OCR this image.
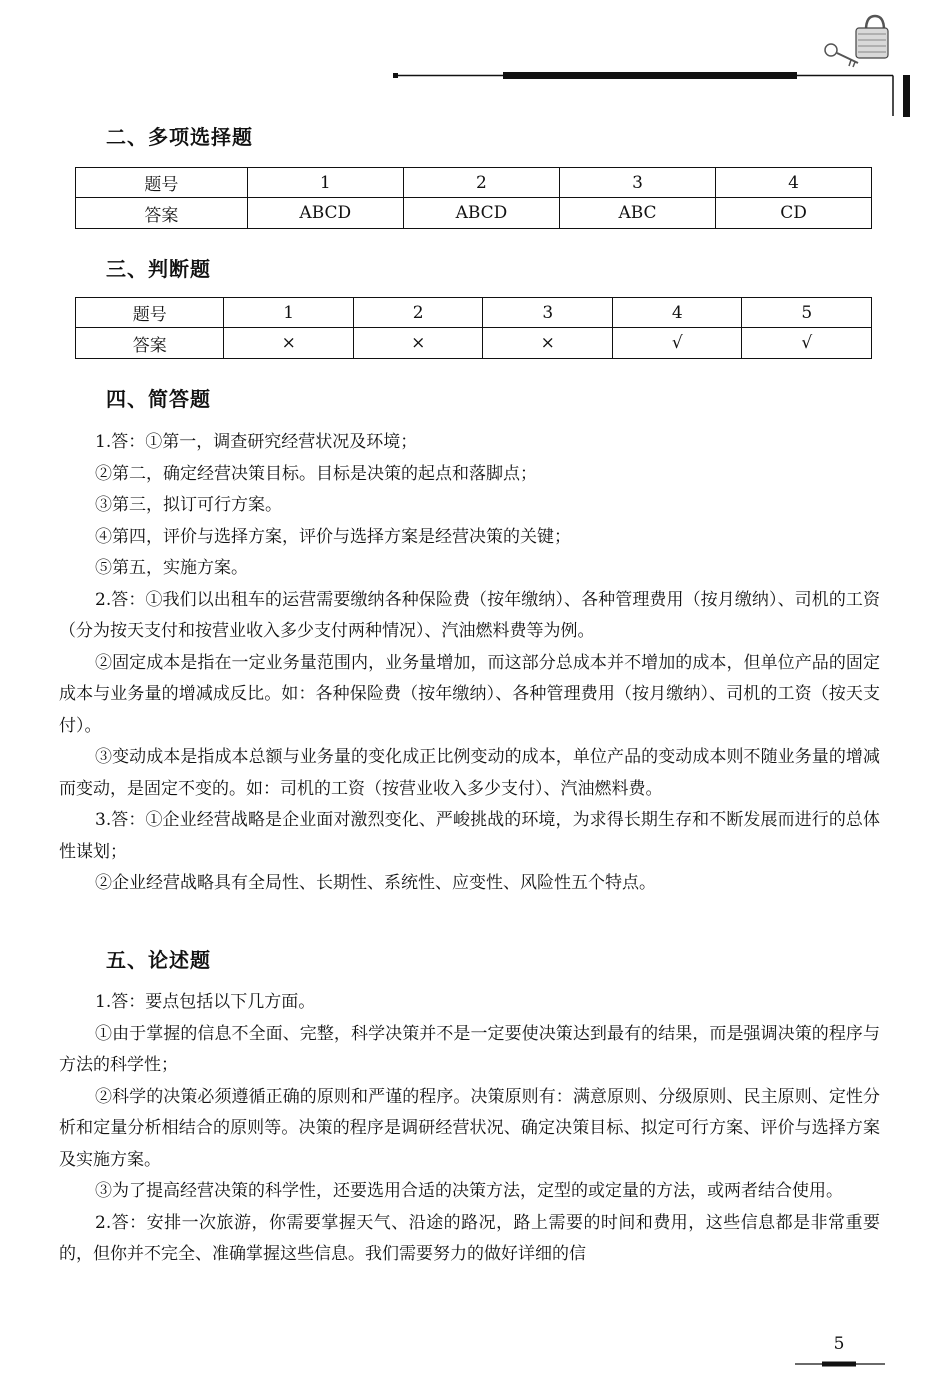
二、多项选择题
题号	1	2	3	4
答案	ABCD	ABCD	ABC	CD
三、判断题
题号	1	2	3	4	5
答案	×	×	×	√	√
四、简答题

1.答：①第一，调查研究经营状况及环境；

②第二，确定经营决策目标。目标是决策的起点和落脚点；

③第三，拟订可行方案。

④第四，评价与选择方案，评价与选择方案是经营决策的关键；

⑤第五，实施方案。

2.答：①我们以出租车的运营需要缴纳各种保险费（按年缴纳）、各种管理费用（按月缴纳）、司机的工资（分为按天支付和按营业收入多少支付两种情况）、汽油燃料费等为例。

②固定成本是指在一定业务量范围内，业务量增加，而这部分总成本并不增加的成本，但单位产品的固定成本与业务量的增减成反比。如：各种保险费（按年缴纳）、各种管理费用（按月缴纳）、司机的工资（按天支付）。

③变动成本是指成本总额与业务量的变化成正比例变动的成本，单位产品的变动成本则不随业务量的增减而变动，是固定不变的。如：司机的工资（按营业收入多少支付）、汽油燃料费。

3.答：①企业经营战略是企业面对激烈变化、严峻挑战的环境，为求得长期生存和不断发展而进行的总体性谋划；

②企业经营战略具有全局性、长期性、系统性、应变性、风险性五个特点。

五、论述题

1.答：要点包括以下几方面。

①由于掌握的信息不全面、完整，科学决策并不是一定要使决策达到最有的结果，而是强调决策的程序与方法的科学性；

②科学的决策必须遵循正确的原则和严谨的程序。决策原则有：满意原则、分级原则、民主原则、定性分析和定量分析相结合的原则等。决策的程序是调研经营状况、确定决策目标、拟定可行方案、评价与选择方案及实施方案。

③为了提高经营决策的科学性，还要选用合适的决策方法，定型的或定量的方法，或两者结合使用。

2.答：安排一次旅游，你需要掌握天气、沿途的路况，路上需要的时间和费用，这些信息都是非常重要的，但你并不完全、准确掌握这些信息。我们需要努力的做好详细的信

5
